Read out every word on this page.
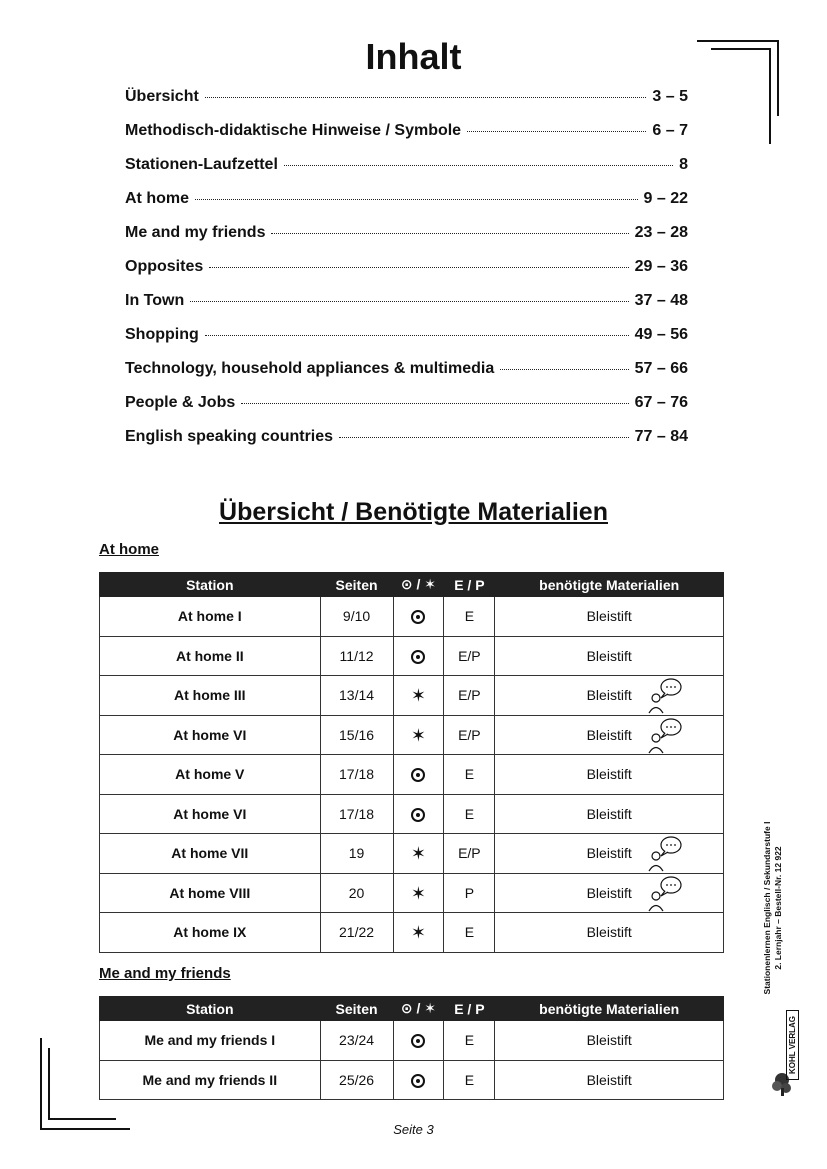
Inhalt
Übersicht	3 – 5
Methodisch-didaktische Hinweise / Symbole	6 – 7
Stationen-Laufzettel	8
At home	9 – 22
Me and my friends	23 – 28
Opposites	29 – 36
In Town	37 – 48
Shopping	49 – 56
Technology, household appliances & multimedia	57 – 66
People & Jobs	67 – 76
English speaking countries	77 – 84
Übersicht / Benötigte Materialien
At home
Station	Seiten	⊙ / ✶	E / P	benötigte Materialien
At home I	9/10		E	Bleistift
At home II	11/12		E/P	Bleistift
At home III	13/14	✶	E/P	Bleistift

At home VI	15/16	✶	E/P	Bleistift

At home V	17/18		E	Bleistift
At home VI	17/18		E	Bleistift
At home VII	19	✶	E/P	Bleistift

At home VIII	20	✶	P	Bleistift

At home IX	21/22	✶	E	Bleistift
Me and my friends
Station	Seiten	⊙ / ✶	E / P	benötigte Materialien
Me and my friends I	23/24		E	Bleistift
Me and my friends II	25/26		E	Bleistift
Stationenlernen Englisch / Sekundarstufe I 2. Lernjahr – Bestell-Nr. 12 922
KOHL VERLAG
Seite 3
